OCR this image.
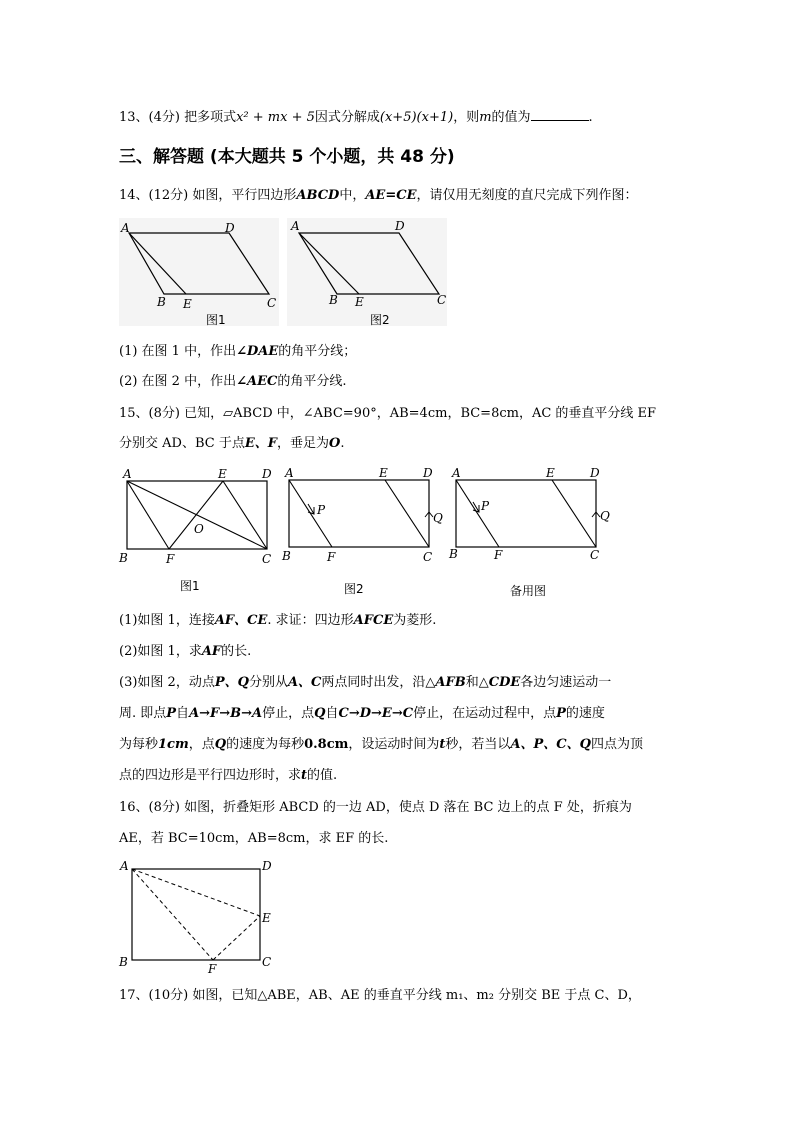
13、(4分) 把多项式x² + mx + 5因式分解成(x+5)(x+1)，则m的值为	.
三、解答题 (本大题共 5 个小题，共 48 分)
14、(12分) 如图，平行四边形ABCD中，AE=CE，请仅用无刻度的直尺完成下列作图：
A	D
B E	C
图1
A	D
B E	C
图2
(1) 在图 1 中，作出∠DAE的角平分线；
(2) 在图 2 中，作出∠AEC的角平分线.
15、(8分) 已知，▱ABCD 中，∠ABC=90°，AB=4cm，BC=8cm，AC 的垂直平分线 EF
分别交 AD、BC 于点E、F，垂足为O.
A	E	D
B	F	C
O
图1
A	E	D
P
Q
B	F	C
图2
A	E	D
P
Q
B	F	C
备用图
(1)如图 1，连接AF、CE. 求证：四边形AFCE为菱形.
(2)如图 1，求AF的长.
(3)如图 2，动点P、Q分别从A、C两点同时出发，沿△AFB和△CDE各边匀速运动一
周. 即点P自A→F→B→A停止，点Q自C→D→E→C停止，在运动过程中，点P的速度
为每秒1cm，点Q的速度为每秒0.8cm，设运动时间为t秒，若当以A、P、C、Q四点为顶
点的四边形是平行四边形时，求t的值.
16、(8分) 如图，折叠矩形 ABCD 的一边 AD，使点 D 落在 BC 边上的点 F 处，折痕为
AE，若 BC=10cm，AB=8cm，求 EF 的长.
A	D
E
B	F	C
17、(10分) 如图，已知△ABE，AB、AE 的垂直平分线 m₁、m₂ 分别交 BE 于点 C、D，
